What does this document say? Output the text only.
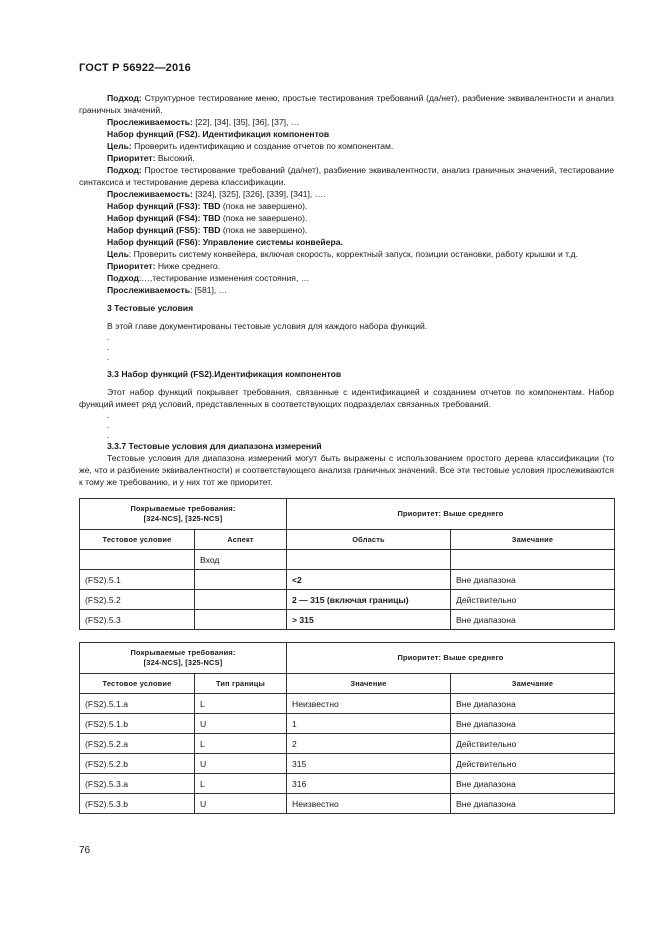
ГОСТ Р 56922—2016
Подход: Структурное тестирование меню, простые тестирования требований (да/нет), разбиение эквивалентности и анализ граничных значений.
Прослеживаемость: [22], [34], [35], [36], [37], …
Набор функций (FS2). Идентификация компонентов
Цель: Проверить идентификацию и создание отчетов по компонентам.
Приоритет: Высокий.
Подход: Простое тестирование требований (да/нет), разбиение эквивалентности, анализ граничных значений, тестирование синтаксиса и тестирование дерева классификации.
Прослеживаемость: [324], [325], [326], [339], [341], ….
Набор функций (FS3): TBD (пока не завершено).
Набор функций (FS4): TBD (пока не завершено).
Набор функций (FS5): TBD (пока не завершено).
Набор функций (FS6): Управление системы конвейера.
Цель: Проверить систему конвейера, включая скорость, корректный запуск, позиции остановки, работу крышки и т.д.
Приоритет: Ниже среднего.
Подход:…,тестирование изменения состояния, …
Прослеживаемость: [581], …
3 Тестовые условия
В этой главе документированы тестовые условия для каждого набора функций.
.
.
.
3.3 Набор функций (FS2).Идентификация компонентов
Этот набор функций покрывает требования, связанные с идентификацией и созданием отчетов по компонентам. Набор функций имеет ряд условий, представленных в соответствующих подразделах связанных требований.
.
.
.
3.3.7 Тестовые условия для диапазона измерений
Тестовые условия для диапазона измерений могут быть выражены с использованием простого дерева классификации (то же, что и разбиение эквивалентности) и соответствующего анализа граничных значений. Все эти тестовые условия прослеживаются к тому же требованию, и у них тот же приоритет.
Покрываемые требования:
[324-NCS], [325-NCS]		Приоритет: Выше среднего	
Тестовое условие	Аспект	Область	Замечание
	Вход		
(FS2).5.1		<2	Вне диапазона
(FS2).5.2		2 — 315 (включая границы)	Действительно
(FS2).5.3		> 315	Вне диапазона
Покрываемые требования:
[324-NCS], [325-NCS]		Приоритет: Выше среднего	
Тестовое условие	Тип границы	Значение	Замечание
(FS2).5.1.a	L	Неизвестно	Вне диапазона
(FS2).5.1.b	U	1	Вне диапазона
(FS2).5.2.a	L	2	Действительно
(FS2).5.2.b	U	315	Действительно
(FS2).5.3.a	L	316	Вне диапазона
(FS2).5.3.b	U	Неизвестно	Вне диапазона
76
